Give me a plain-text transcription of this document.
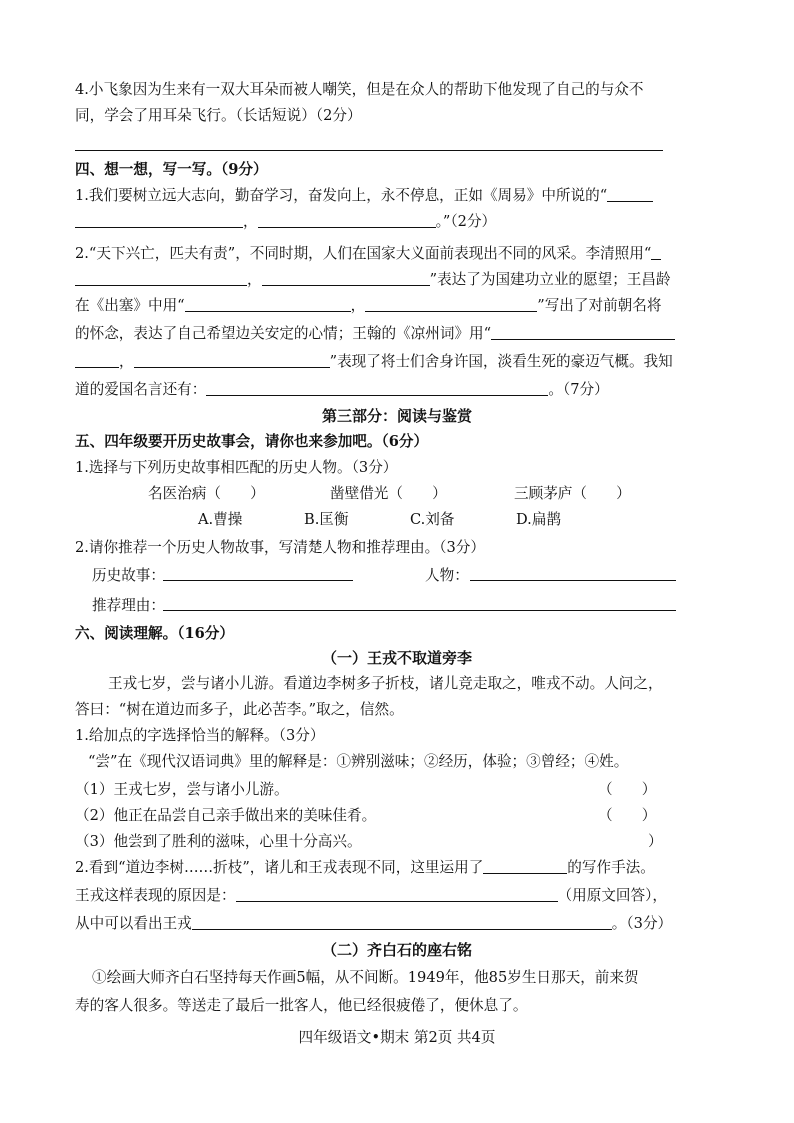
4.小飞象因为生来有一双大耳朵而被人嘲笑，但是在众人的帮助下他发现了自己的与众不
同，学会了用耳朵飞行。（长话短说）（2分）
四、想一想，写一写。（9分）
1.我们要树立远大志向，勤奋学习，奋发向上，永不停息，正如《周易》中所说的“
，	。”（2分）
2.“天下兴亡，匹夫有责”，不同时期，人们在国家大义面前表现出不同的风采。李清照用“
，	”表达了为国建功立业的愿望；王昌龄
在《出塞》中用“	，	”写出了对前朝名将
的怀念，表达了自己希望边关安定的心情；王翰的《凉州词》用“
，	”表现了将士们舍身许国，淡看生死的豪迈气概。我知
道的爱国名言还有：	。（7分）
第三部分：阅读与鉴赏
五、四年级要开历史故事会，请你也来参加吧。（6分）
1.选择与下列历史故事相匹配的历史人物。（3分）
名医治病（　　）	凿壁借光（　　）	三顾茅庐（　　）
A.曹操	B.匡衡	C.刘备	D.扁鹊
2.请你推荐一个历史人物故事，写清楚人物和推荐理由。（3分）
历史故事：	人物：
推荐理由：
六、阅读理解。（16分）
（一）王戎不取道旁李
王戎七岁，尝与诸小儿游。看道边李树多子折枝，诸儿竞走取之，唯戎不动。人问之，
答曰：“树在道边而多子，此必苦李。”取之，信然。
1.给加点的字选择恰当的解释。（3分）
“尝”在《现代汉语词典》里的解释是：①辨别滋味；②经历，体验；③曾经；④姓。
（1）王戎七岁，尝与诸小儿游。	（　　）
（2）他正在品尝自己亲手做出来的美味佳肴。	（　　）
（3）他尝到了胜利的滋味，心里十分高兴。	）
2.看到“道边李树……折枝”，诸儿和王戎表现不同，这里运用了	的写作手法。
王戎这样表现的原因是：	（用原文回答），
从中可以看出王戎	。（3分）
（二）齐白石的座右铭
①绘画大师齐白石坚持每天作画5幅，从不间断。1949年，他85岁生日那天，前来贺
寿的客人很多。等送走了最后一批客人，他已经很疲倦了，便休息了。
四年级语文•期末 第2页 共4页
